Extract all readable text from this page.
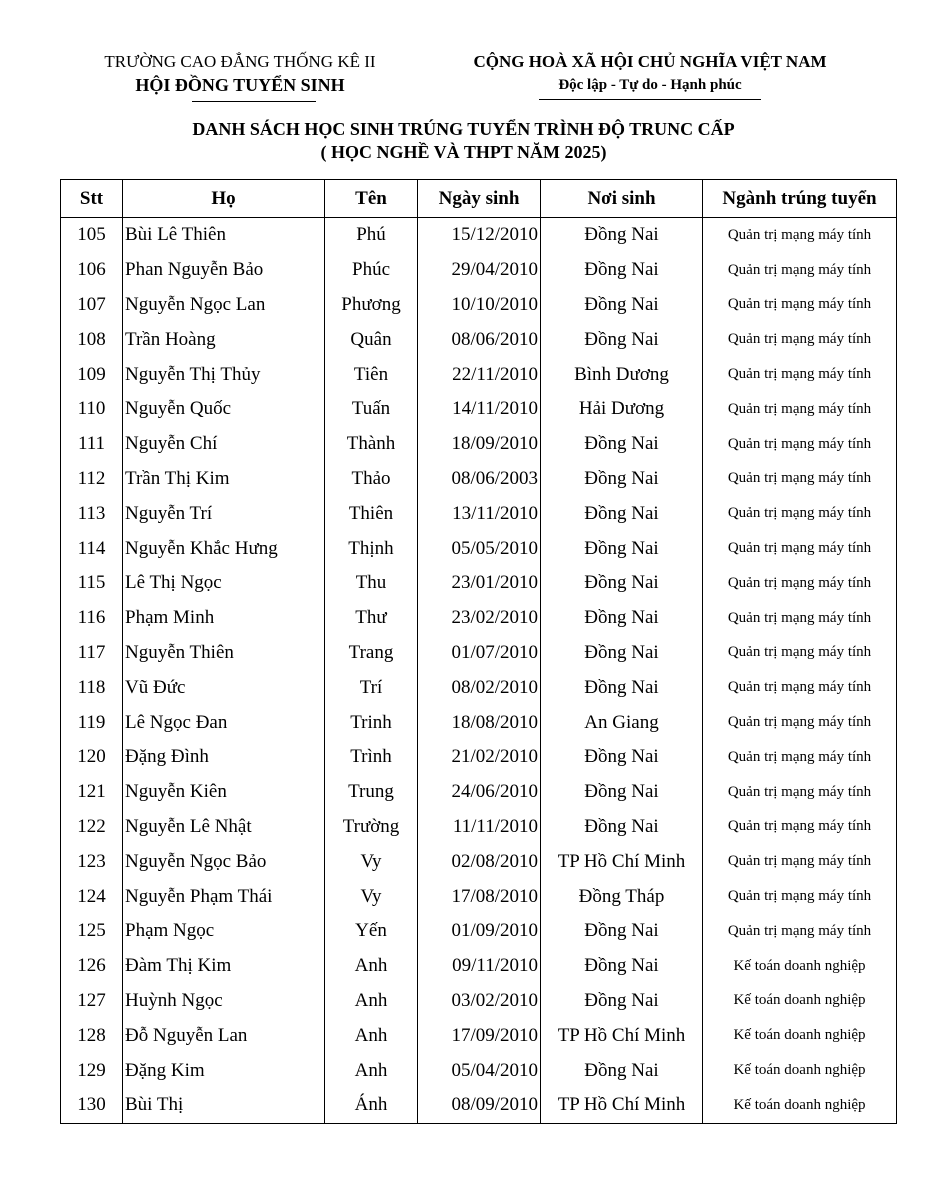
TRƯỜNG CAO ĐẲNG THỐNG KÊ II
HỘI ĐỒNG TUYỂN SINH
CỘNG HOÀ XÃ HỘI CHỦ NGHĨA VIỆT NAM
Độc lập - Tự do - Hạnh phúc
DANH SÁCH HỌC SINH TRÚNG TUYỂN TRÌNH ĐỘ TRUNC CẤP
( HỌC NGHỀ VÀ THPT NĂM 2025)
Stt	Họ	Tên	Ngày sinh	Nơi sinh	Ngành trúng tuyển
105	Bùi Lê Thiên	Phú	15/12/2010	Đồng Nai	Quản trị mạng máy tính
106	Phan Nguyễn Bảo	Phúc	29/04/2010	Đồng Nai	Quản trị mạng máy tính
107	Nguyễn Ngọc Lan	Phương	10/10/2010	Đồng Nai	Quản trị mạng máy tính
108	Trần Hoàng	Quân	08/06/2010	Đồng Nai	Quản trị mạng máy tính
109	Nguyễn Thị Thủy	Tiên	22/11/2010	Bình Dương	Quản trị mạng máy tính
110	Nguyễn Quốc	Tuấn	14/11/2010	Hải Dương	Quản trị mạng máy tính
111	Nguyễn Chí	Thành	18/09/2010	Đồng Nai	Quản trị mạng máy tính
112	Trần Thị Kim	Thảo	08/06/2003	Đồng Nai	Quản trị mạng máy tính
113	Nguyễn Trí	Thiên	13/11/2010	Đồng Nai	Quản trị mạng máy tính
114	Nguyễn Khắc Hưng	Thịnh	05/05/2010	Đồng Nai	Quản trị mạng máy tính
115	Lê Thị Ngọc	Thu	23/01/2010	Đồng Nai	Quản trị mạng máy tính
116	Phạm Minh	Thư	23/02/2010	Đồng Nai	Quản trị mạng máy tính
117	Nguyễn Thiên	Trang	01/07/2010	Đồng Nai	Quản trị mạng máy tính
118	Vũ Đức	Trí	08/02/2010	Đồng Nai	Quản trị mạng máy tính
119	Lê Ngọc Đan	Trinh	18/08/2010	An Giang	Quản trị mạng máy tính
120	Đặng Đình	Trình	21/02/2010	Đồng Nai	Quản trị mạng máy tính
121	Nguyễn Kiên	Trung	24/06/2010	Đồng Nai	Quản trị mạng máy tính
122	Nguyễn Lê Nhật	Trường	11/11/2010	Đồng Nai	Quản trị mạng máy tính
123	Nguyễn Ngọc Bảo	Vy	02/08/2010	TP Hồ Chí Minh	Quản trị mạng máy tính
124	Nguyễn Phạm Thái	Vy	17/08/2010	Đồng Tháp	Quản trị mạng máy tính
125	Phạm Ngọc	Yến	01/09/2010	Đồng Nai	Quản trị mạng máy tính
126	Đàm Thị Kim	Anh	09/11/2010	Đồng Nai	Kế toán doanh nghiệp
127	Huỳnh Ngọc	Anh	03/02/2010	Đồng Nai	Kế toán doanh nghiệp
128	Đỗ Nguyễn Lan	Anh	17/09/2010	TP Hồ Chí Minh	Kế toán doanh nghiệp
129	Đặng Kim	Anh	05/04/2010	Đồng Nai	Kế toán doanh nghiệp
130	Bùi Thị	Ánh	08/09/2010	TP Hồ Chí Minh	Kế toán doanh nghiệp
